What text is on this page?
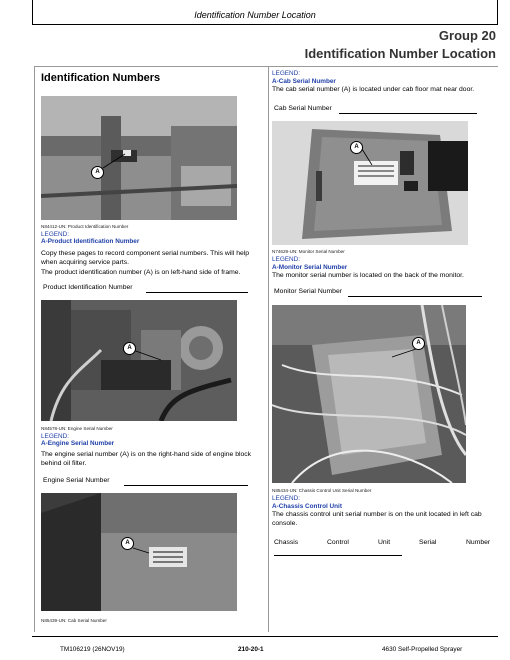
Identification Number Location
Group 20
Identification Number Location
Identification Numbers
A
N84412-UN: Product Identification Number
LEGEND:
A-Product Identification Number
Copy these pages to record component serial numbers. This will help when acquiring service parts.
The product identification number (A) is on left-hand side of frame.
Product Identification Number
A
N84578-UN: Engine Serial Number
LEGEND:
A-Engine Serial Number
The engine serial number (A) is on the right-hand side of engine block behind oil filter.
Engine Serial Number
A
N85439-UN: Cab Serial Number
LEGEND:
A-Cab Serial Number
The cab serial number (A) is located under cab floor mat near door.
Cab Serial Number
A
N74629-UN: Monitor Serial Number
LEGEND:
A-Monitor Serial Number
The monitor serial number is located on the back of the monitor.
Monitor Serial Number
A
N85434-UN: Chassis Control Unit Serial Number
LEGEND:
A-Chassis Control Unit
The chassis control unit serial number is on the unit located in left cab console.
Chassis	Control	Unit	Serial	Number
TM106219 (26NOV19)	210-20-1	4630 Self-Propelled Sprayer
